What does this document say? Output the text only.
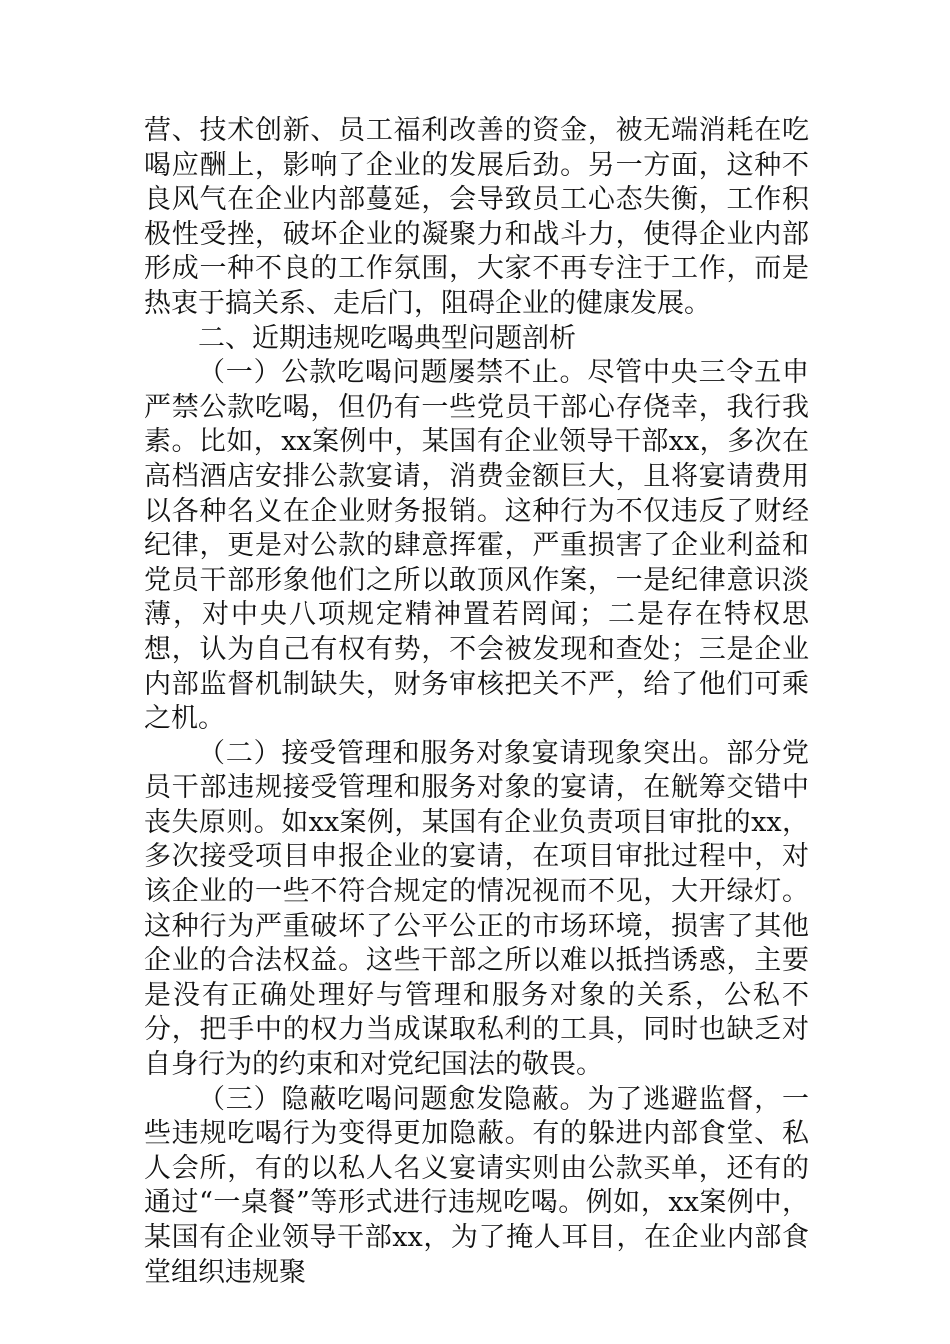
营、技术创新、员工福利改善的资金，被无端消耗在吃喝应酬上，影响了企业的发展后劲。另一方面，这种不良风气在企业内部蔓延，会导致员工心态失衡，工作积极性受挫，破坏企业的凝聚力和战斗力，使得企业内部形成一种不良的工作氛围，大家不再专注于工作，而是热衷于搞关系、走后门，阻碍企业的健康发展。

二、近期违规吃喝典型问题剖析

（一）公款吃喝问题屡禁不止。尽管中央三令五申严禁公款吃喝，但仍有一些党员干部心存侥幸，我行我素。比如，xx案例中，某国有企业领导干部xx，多次在高档酒店安排公款宴请，消费金额巨大，且将宴请费用以各种名义在企业财务报销。这种行为不仅违反了财经纪律，更是对公款的肆意挥霍，严重损害了企业利益和党员干部形象他们之所以敢顶风作案，一是纪律意识淡薄，对中央八项规定精神置若罔闻；二是存在特权思想，认为自己有权有势，不会被发现和查处；三是企业内部监督机制缺失，财务审核把关不严，给了他们可乘之机。

（二）接受管理和服务对象宴请现象突出。部分党员干部违规接受管理和服务对象的宴请，在觥筹交错中丧失原则。如xx案例，某国有企业负责项目审批的xx，多次接受项目申报企业的宴请，在项目审批过程中，对该企业的一些不符合规定的情况视而不见，大开绿灯。这种行为严重破坏了公平公正的市场环境，损害了其他企业的合法权益。这些干部之所以难以抵挡诱惑，主要是没有正确处理好与管理和服务对象的关系，公私不分，把手中的权力当成谋取私利的工具，同时也缺乏对自身行为的约束和对党纪国法的敬畏。

（三）隐蔽吃喝问题愈发隐蔽。为了逃避监督，一些违规吃喝行为变得更加隐蔽。有的躲进内部食堂、私人会所，有的以私人名义宴请实则由公款买单，还有的通过“一桌餐”等形式进行违规吃喝。例如，xx案例中，某国有企业领导干部xx，为了掩人耳目，在企业内部食堂组织违规聚
